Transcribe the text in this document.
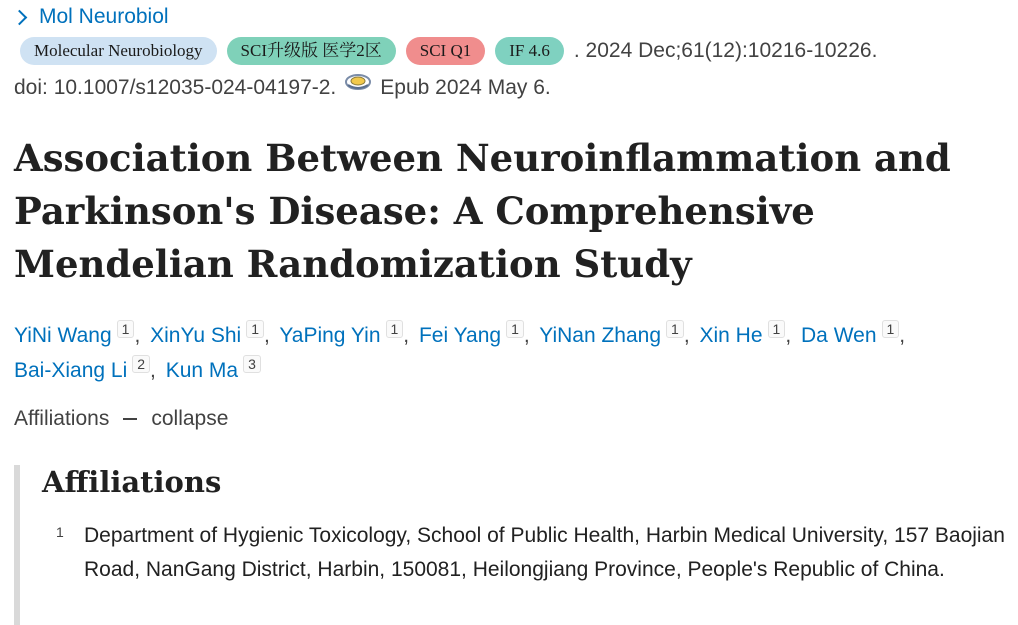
Mol Neurobiol
Molecular Neurobiology	SCI升级版 医学2区	SCI Q1	IF 4.6	. 2024 Dec;61(12):10216-10226.
doi: 10.1007/s12035-024-04197-2. Epub 2024 May 6.
Association Between Neuroinflammation and Parkinson's Disease: A Comprehensive Mendelian Randomization Study
YiNi Wang 1 , XinYu Shi 1 , YaPing Yin 1 , Fei Yang 1 , YiNan Zhang 1 , Xin He 1 , Da Wen 1 ,
Bai-Xiang Li 2 , Kun Ma 3
Affiliations collapse
Affiliations
1 Department of Hygienic Toxicology, School of Public Health, Harbin Medical University, 157 Baojian Road, NanGang District, Harbin, 150081, Heilongjiang Province, People's Republic of China.
